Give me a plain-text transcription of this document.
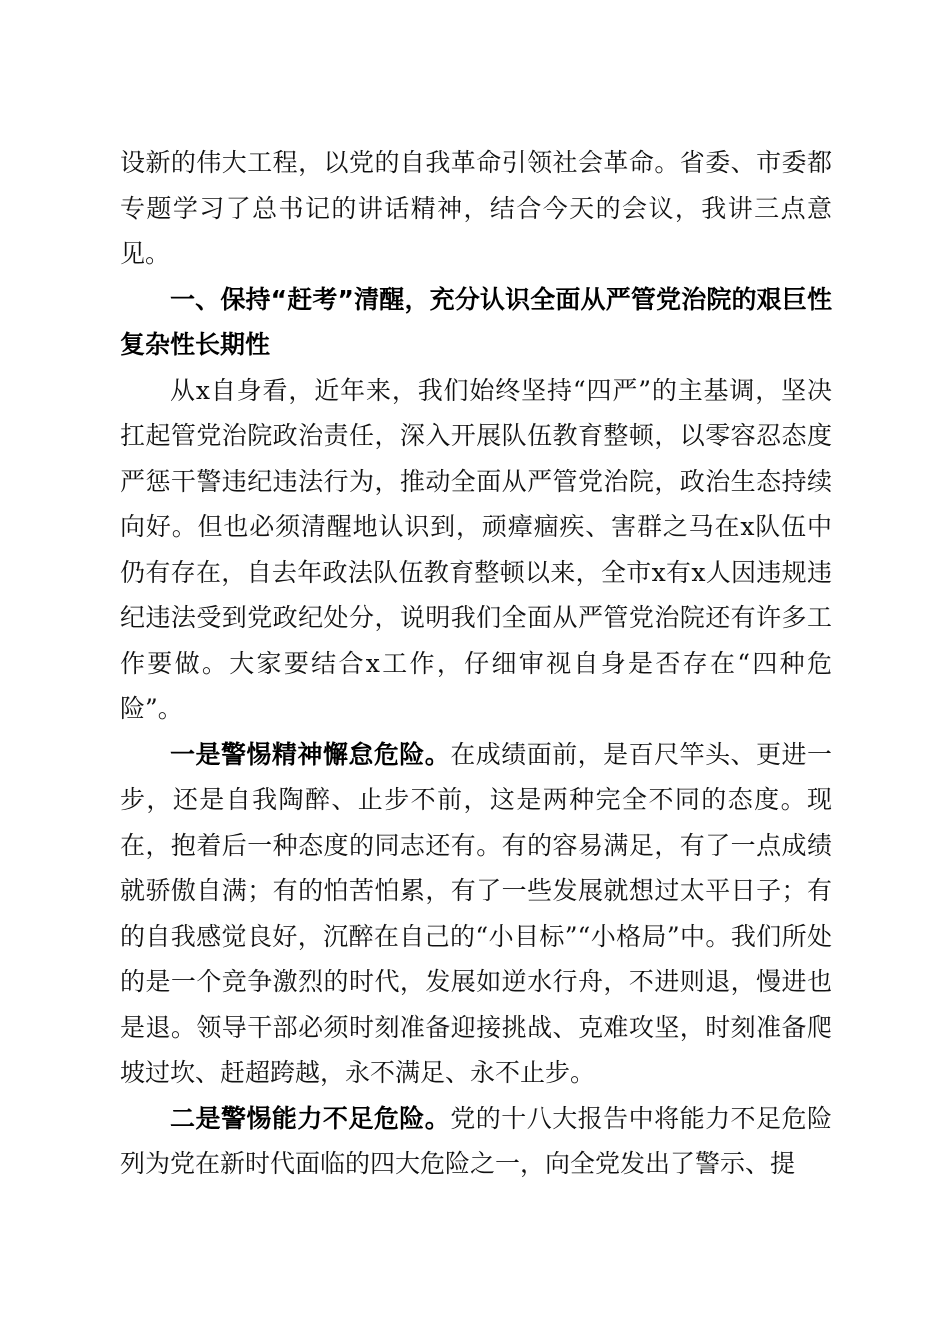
设新的伟大工程，以党的自我革命引领社会革命。省委、市委都专题学习了总书记的讲话精神，结合今天的会议，我讲三点意见。

一、保持“赶考”清醒，充分认识全面从严管党治院的艰巨性复杂性长期性

从x自身看，近年来，我们始终坚持“四严”的主基调，坚决扛起管党治院政治责任，深入开展队伍教育整顿，以零容忍态度严惩干警违纪违法行为，推动全面从严管党治院，政治生态持续向好。但也必须清醒地认识到，顽瘴痼疾、害群之马在x队伍中仍有存在，自去年政法队伍教育整顿以来，全市x有x人因违规违纪违法受到党政纪处分，说明我们全面从严管党治院还有许多工作要做。大家要结合x工作，仔细审视自身是否存在“四种危险”。

一是警惕精神懈怠危险。在成绩面前，是百尺竿头、更进一步，还是自我陶醉、止步不前，这是两种完全不同的态度。现在，抱着后一种态度的同志还有。有的容易满足，有了一点成绩就骄傲自满；有的怕苦怕累，有了一些发展就想过太平日子；有的自我感觉良好，沉醉在自己的“小目标”“小格局”中。我们所处的是一个竞争激烈的时代，发展如逆水行舟，不进则退，慢进也是退。领导干部必须时刻准备迎接挑战、克难攻坚，时刻准备爬坡过坎、赶超跨越，永不满足、永不止步。

二是警惕能力不足危险。党的十八大报告中将能力不足危险列为党在新时代面临的四大危险之一，向全党发出了警示、提
